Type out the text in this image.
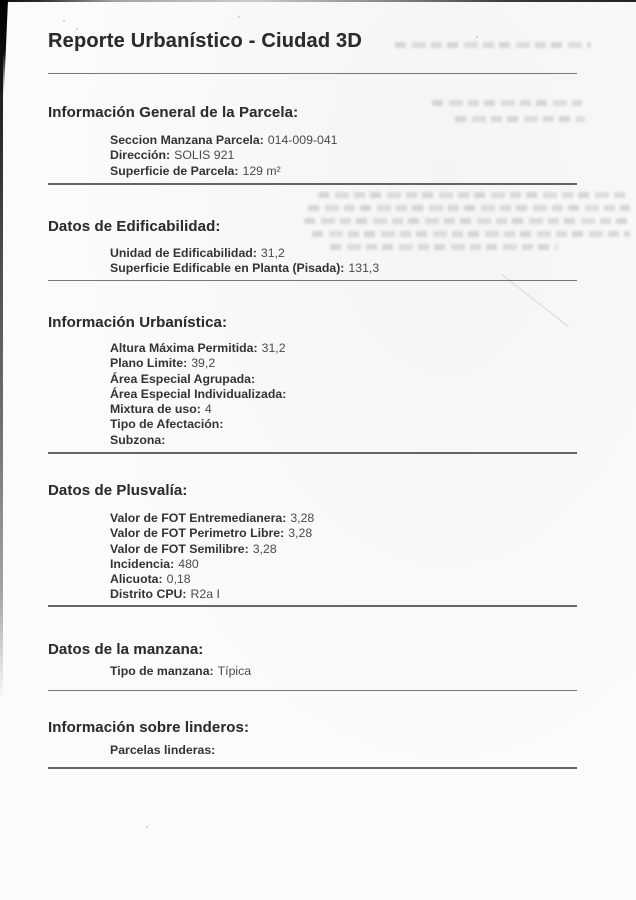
Reporte Urbanístico - Ciudad 3D
Información General de la Parcela:
Seccion Manzana Parcela: 014-009-041
Dirección: SOLIS 921
Superficie de Parcela: 129 m²
Datos de Edificabilidad:
Unidad de Edificabilidad: 31,2
Superficie Edificable en Planta (Pisada): 131,3
Información Urbanística:
Altura Máxima Permitida: 31,2
Plano Limite: 39,2
Área Especial Agrupada:
Área Especial Individualizada:
Mixtura de uso: 4
Tipo de Afectación:
Subzona:
Datos de Plusvalía:
Valor de FOT Entremedianera: 3,28
Valor de FOT Perimetro Libre: 3,28
Valor de FOT Semilibre: 3,28
Incidencia: 480
Alicuota: 0,18
Distrito CPU: R2a I
Datos de la manzana:
Tipo de manzana: Típica
Información sobre linderos:
Parcelas linderas:
